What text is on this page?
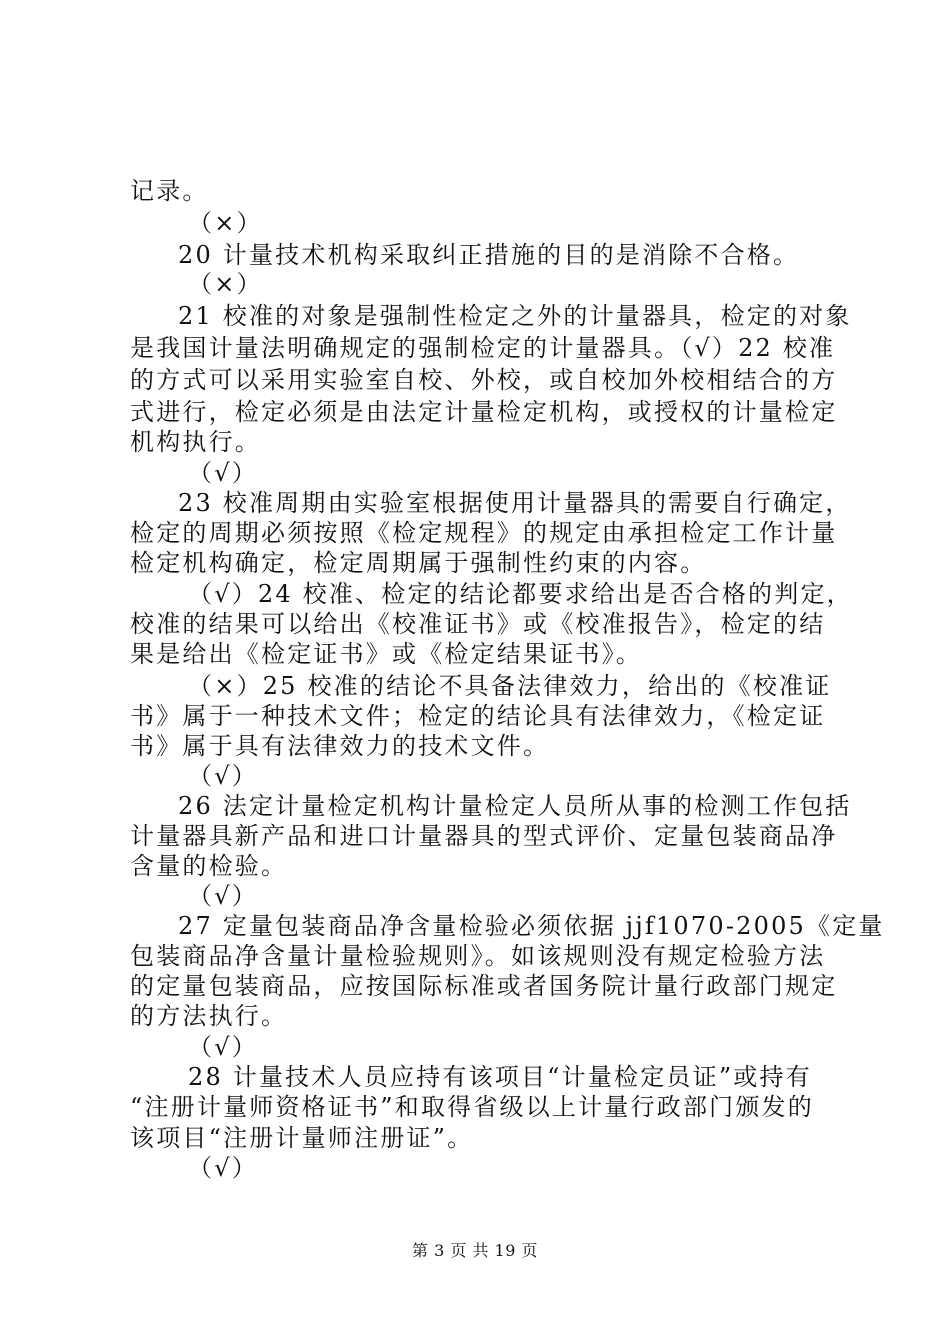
记录。
（×）
20 计量技术机构采取纠正措施的目的是消除不合格。
（×）
21 校准的对象是强制性检定之外的计量器具，检定的对象
是我国计量法明确规定的强制检定的计量器具。（√）22 校准
的方式可以采用实验室自校、外校，或自校加外校相结合的方
式进行，检定必须是由法定计量检定机构，或授权的计量检定
机构执行。
（√）
23 校准周期由实验室根据使用计量器具的需要自行确定，
检定的周期必须按照《检定规程》的规定由承担检定工作计量
检定机构确定，检定周期属于强制性约束的内容。
（√）24 校准、检定的结论都要求给出是否合格的判定，
校准的结果可以给出《校准证书》或《校准报告》，检定的结
果是给出《检定证书》或《检定结果证书》。
（×）25 校准的结论不具备法律效力，给出的《校准证
书》属于一种技术文件；检定的结论具有法律效力，《检定证
书》属于具有法律效力的技术文件。
（√）
26 法定计量检定机构计量检定人员所从事的检测工作包括
计量器具新产品和进口计量器具的型式评价、定量包装商品净
含量的检验。
（√）
27 定量包装商品净含量检验必须依据 jjf1070-2005《定量
包装商品净含量计量检验规则》。如该规则没有规定检验方法
的定量包装商品，应按国际标准或者国务院计量行政部门规定
的方法执行。
（√）
28 计量技术人员应持有该项目“计量检定员证”或持有
“注册计量师资格证书”和取得省级以上计量行政部门颁发的
该项目“注册计量师注册证”。
（√）
第 3 页 共 19 页
